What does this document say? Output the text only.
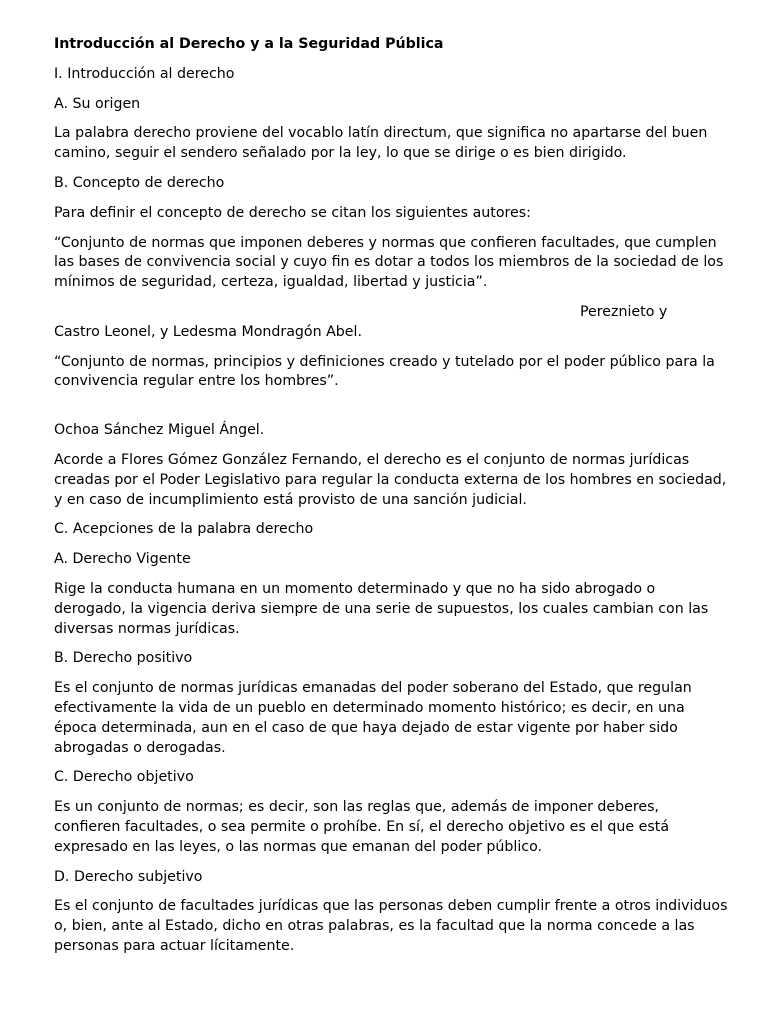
Introducción al Derecho y a la Seguridad Pública

I. Introducción al derecho

A. Su origen

La palabra derecho proviene del vocablo latín directum, que significa no apartarse del buen camino, seguir el sendero señalado por la ley, lo que se dirige o es bien dirigido.

B. Concepto de derecho

Para definir el concepto de derecho se citan los siguientes autores:

“Conjunto de normas que imponen deberes y normas que confieren facultades, que cumplen las bases de convivencia social y cuyo fin es dotar a todos los miembros de la sociedad de los mínimos de seguridad, certeza, igualdad, libertad y justicia”.

Pereznieto y

Castro Leonel, y Ledesma Mondragón Abel.

“Conjunto de normas, principios y definiciones creado y tutelado por el poder público para la convivencia regular entre los hombres”.

Ochoa Sánchez Miguel Ángel.

Acorde a Flores Gómez González Fernando, el derecho es el conjunto de normas jurídicas creadas por el Poder Legislativo para regular la conducta externa de los hombres en sociedad, y en caso de incumplimiento está provisto de una sanción judicial.

C. Acepciones de la palabra derecho

A. Derecho Vigente

Rige la conducta humana en un momento determinado y que no ha sido abrogado o derogado, la vigencia deriva siempre de una serie de supuestos, los cuales cambian con las diversas normas jurídicas.

B. Derecho positivo

Es el conjunto de normas jurídicas emanadas del poder soberano del Estado, que regulan efectivamente la vida de un pueblo en determinado momento histórico; es decir, en una época determinada, aun en el caso de que haya dejado de estar vigente por haber sido abrogadas o derogadas.

C. Derecho objetivo

Es un conjunto de normas; es decir, son las reglas que, además de imponer deberes, confieren facultades, o sea permite o prohíbe. En sí, el derecho objetivo es el que está expresado en las leyes, o las normas que emanan del poder público.

D. Derecho subjetivo

Es el conjunto de facultades jurídicas que las personas deben cumplir frente a otros individuos o, bien, ante al Estado, dicho en otras palabras, es la facultad que la norma concede a las personas para actuar lícitamente.
